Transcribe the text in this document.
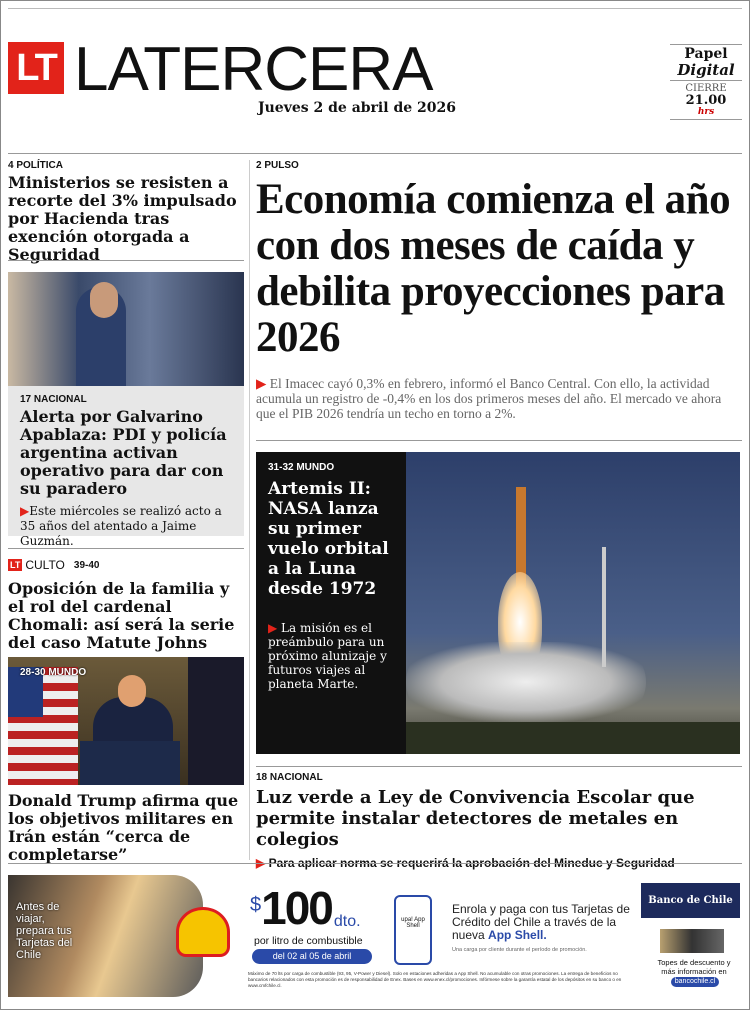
LT LATERCERA
Jueves 2 de abril de 2026
Papel
Digital
CIERRE
21.00
hrs
4 POLÍTICA
Ministerios se resisten a recorte del 3% impulsado por Hacienda tras exención otorgada a Seguridad
17 NACIONAL
Alerta por Galvarino Apablaza: PDI y policía argentina activan operativo para dar con su paradero
▶Este miércoles se realizó acto a 35 años del atentado a Jaime Guzmán.
LT CULTO 39-40
Oposición de la familia y el rol del cardenal Chomali: así será la serie del caso Matute Johns
28-30 MUNDO
Donald Trump afirma que los objetivos militares en Irán están “cerca de completarse”
2 PULSO
Economía comienza el año con dos meses de caída y debilita proyecciones para 2026
▶ El Imacec cayó 0,3% en febrero, informó el Banco Central. Con ello, la actividad acumula un registro de -0,4% en los dos primeros meses del año. El mercado ve ahora que el PIB 2026 tendría un techo en torno a 2%.
31-32 MUNDO
Artemis II: NASA lanza su primer vuelo orbital a la Luna desde 1972
▶ La misión es el preámbulo para un próximo alunizaje y futuros viajes al planeta Marte.
18 NACIONAL
Luz verde a Ley de Convivencia Escolar que permite instalar detectores de metales en colegios
▶ Para aplicar norma se requerirá la aprobación del Mineduc y Seguridad
Antes de viajar, prepara tus Tarjetas del Chile
$ 100 dto.
por litro de combustible
del 02 al 05 de abril
upa! App Shell
Enrola y paga con tus Tarjetas de Crédito del Chile a través de la nueva App Shell.
Una carga por cliente durante el período de promoción.
Máximo de 70 lts por carga de combustible (93, 95, V-Power y Diesel). Solo en estaciones adheridas a App Shell. No acumulable con otras promociones. La entrega de beneficios no bancarios relacionados con esta promoción es de responsabilidad de Enex. Bases en www.enex.cl/promociones. Infórmese sobre la garantía estatal de los depósitos en su banco o en www.cmfchile.cl.
Banco de Chile
Topes de descuento y más información en
bancochile.cl
